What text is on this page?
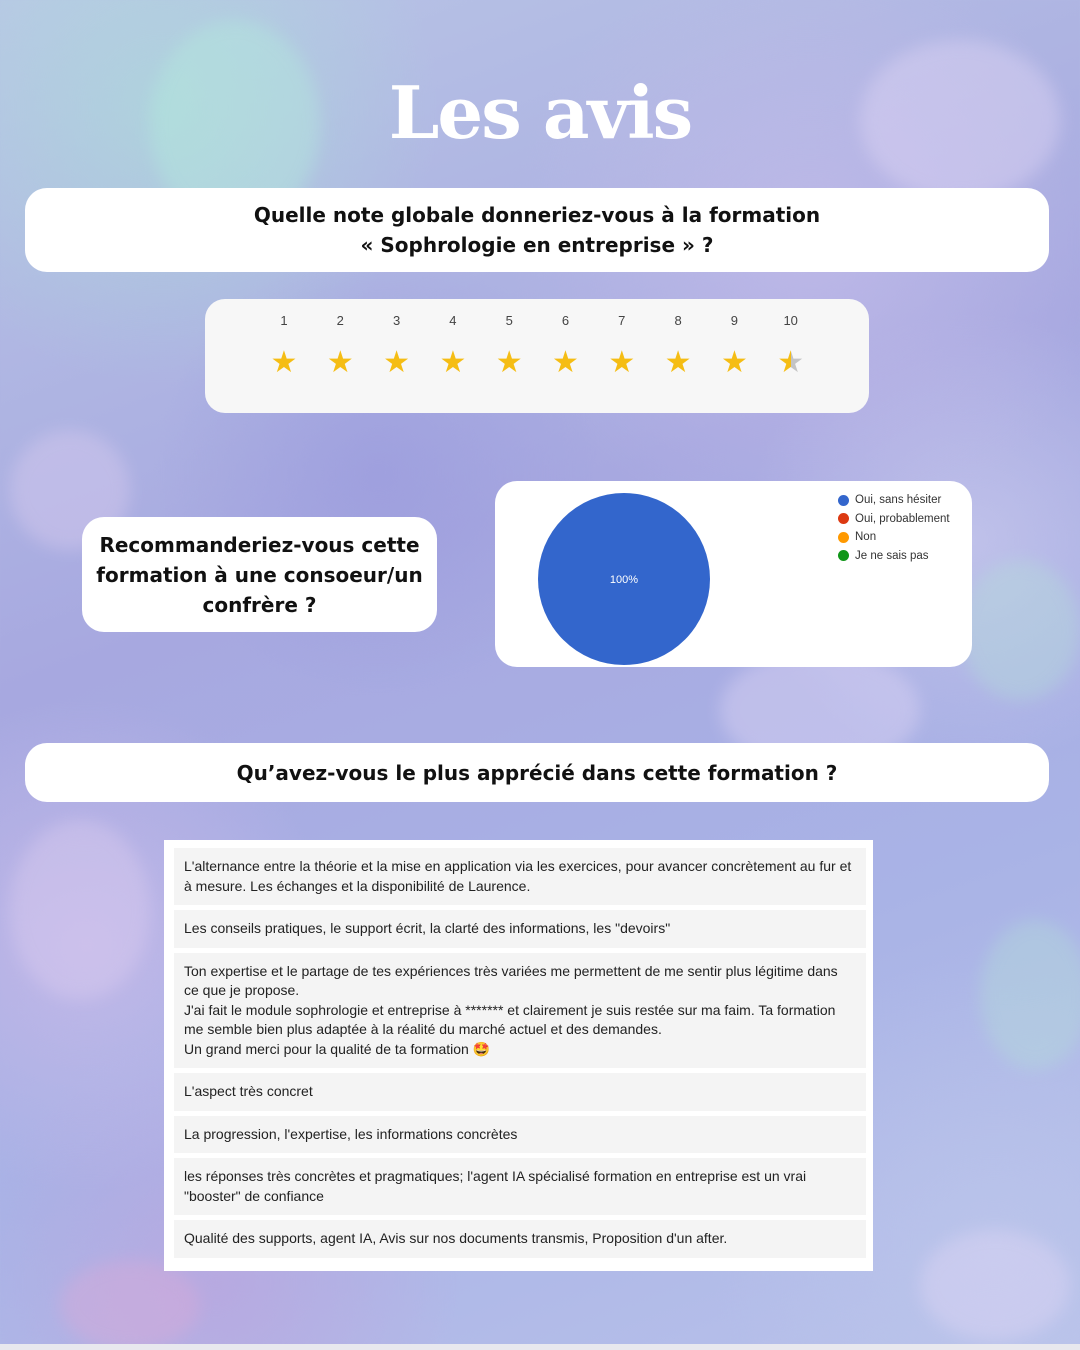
Les avis
Quelle note globale donneriez-vous à la formation
« Sophrologie en entreprise » ?
1
★
2
★
3
★
4
★
5
★
6
★
7
★
8
★
9
★
10
★
Recommanderiez-vous cette
formation à une consoeur/un
confrère ?
100%
Oui, sans hésiter
Oui, probablement
Non
Je ne sais pas
Qu’avez-vous le plus apprécié dans cette formation ?
L'alternance entre la théorie et la mise en application via les exercices, pour avancer concrètement au fur et à mesure. Les échanges et la disponibilité de Laurence.
Les conseils pratiques, le support écrit, la clarté des informations, les "devoirs"
Ton expertise et le partage de tes expériences très variées me permettent de me sentir plus légitime dans ce que je propose.
J'ai fait le module sophrologie et entreprise à ******* et clairement je suis restée sur ma faim. Ta formation me semble bien plus adaptée à la réalité du marché actuel et des demandes.
Un grand merci pour la qualité de ta formation 🤩
L'aspect très concret
La progression, l'expertise, les informations concrètes
les réponses très concrètes et pragmatiques; l'agent IA spécialisé formation en entreprise est un vrai "booster" de confiance
Qualité des supports, agent IA, Avis sur nos documents transmis, Proposition d'un after.
